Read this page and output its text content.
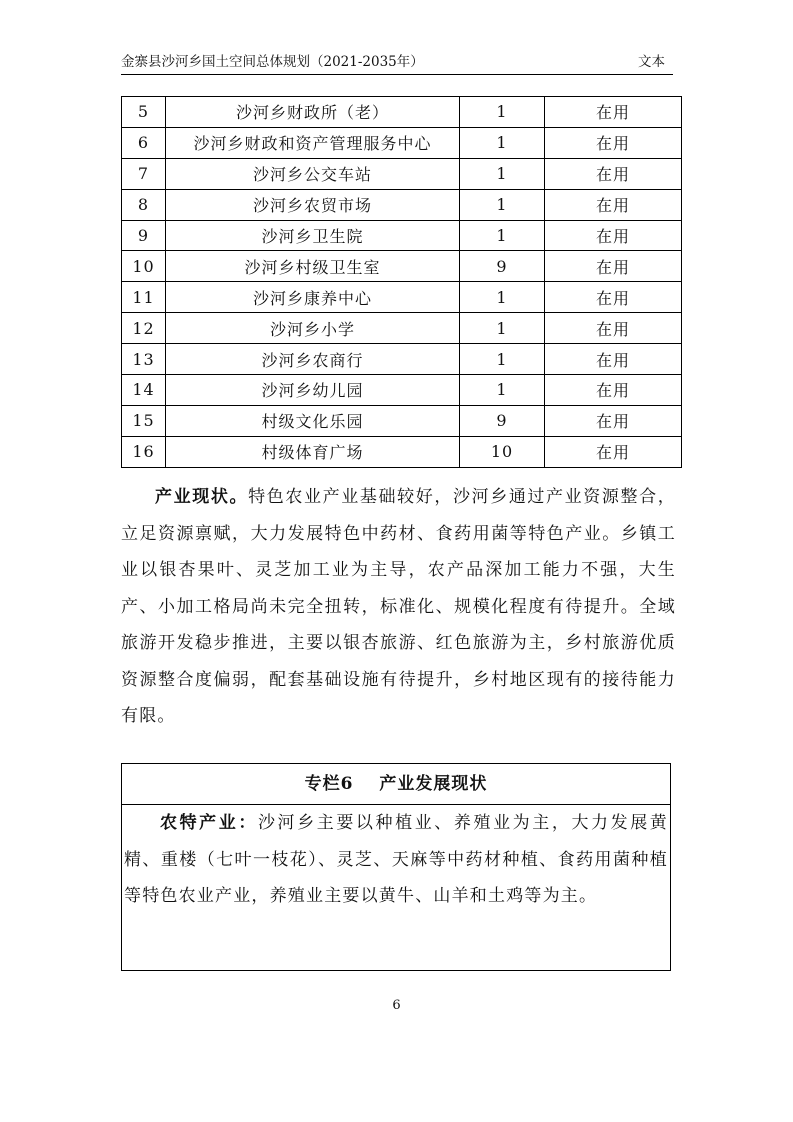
金寨县沙河乡国土空间总体规划（2021-2035年）	文本
5	沙河乡财政所（老）	1	在用
6	沙河乡财政和资产管理服务中心	1	在用
7	沙河乡公交车站	1	在用
8	沙河乡农贸市场	1	在用
9	沙河乡卫生院	1	在用
10	沙河乡村级卫生室	9	在用
11	沙河乡康养中心	1	在用
12	沙河乡小学	1	在用
13	沙河乡农商行	1	在用
14	沙河乡幼儿园	1	在用
15	村级文化乐园	9	在用
16	村级体育广场	10	在用

产业现状。特色农业产业基础较好，沙河乡通过产业资源整合，立足资源禀赋，大力发展特色中药材、食药用菌等特色产业。乡镇工业以银杏果叶、灵芝加工业为主导，农产品深加工能力不强，大生产、小加工格局尚未完全扭转，标准化、规模化程度有待提升。全域旅游开发稳步推进，主要以银杏旅游、红色旅游为主，乡村旅游优质资源整合度偏弱，配套基础设施有待提升，乡村地区现有的接待能力有限。

专栏6 产业发展现状

农特产业：沙河乡主要以种植业、养殖业为主，大力发展黄精、重楼（七叶一枝花）、灵芝、天麻等中药材种植、食药用菌种植等特色农业产业，养殖业主要以黄牛、山羊和土鸡等为主。

6
